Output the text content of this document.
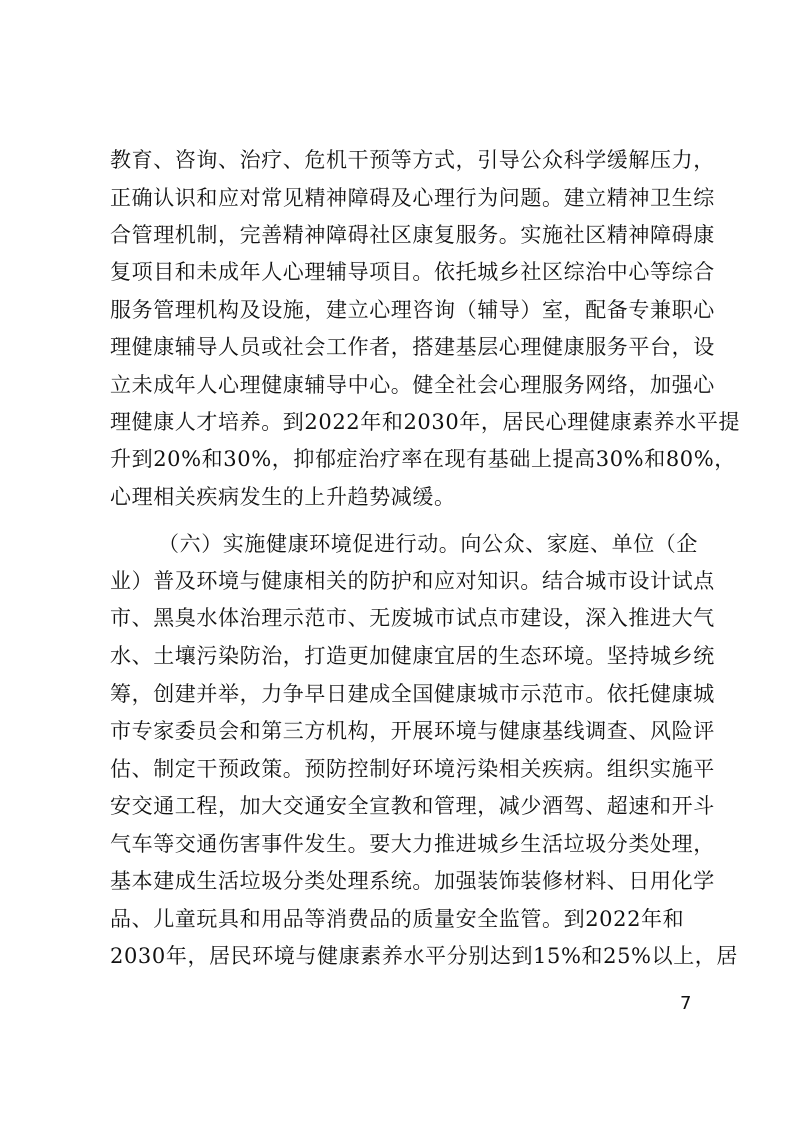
教育、咨询、治疗、危机干预等方式，引导公众科学缓解压力，
正确认识和应对常见精神障碍及心理行为问题。建立精神卫生综
合管理机制，完善精神障碍社区康复服务。实施社区精神障碍康
复项目和未成年人心理辅导项目。依托城乡社区综治中心等综合
服务管理机构及设施，建立心理咨询（辅导）室，配备专兼职心
理健康辅导人员或社会工作者，搭建基层心理健康服务平台，设
立未成年人心理健康辅导中心。健全社会心理服务网络，加强心
理健康人才培养。到2022年和2030年，居民心理健康素养水平提
升到20%和30%，抑郁症治疗率在现有基础上提高30%和80%，
心理相关疾病发生的上升趋势减缓。
（六）实施健康环境促进行动。向公众、家庭、单位（企
业）普及环境与健康相关的防护和应对知识。结合城市设计试点
市、黑臭水体治理示范市、无废城市试点市建设，深入推进大气
水、土壤污染防治，打造更加健康宜居的生态环境。坚持城乡统
筹，创建并举，力争早日建成全国健康城市示范市。依托健康城
市专家委员会和第三方机构，开展环境与健康基线调查、风险评
估、制定干预政策。预防控制好环境污染相关疾病。组织实施平
安交通工程，加大交通安全宣教和管理，减少酒驾、超速和开斗
气车等交通伤害事件发生。要大力推进城乡生活垃圾分类处理，
基本建成生活垃圾分类处理系统。加强装饰装修材料、日用化学
品、儿童玩具和用品等消费品的质量安全监管。到2022年和
2030年，居民环境与健康素养水平分别达到15%和25%以上，居
7
